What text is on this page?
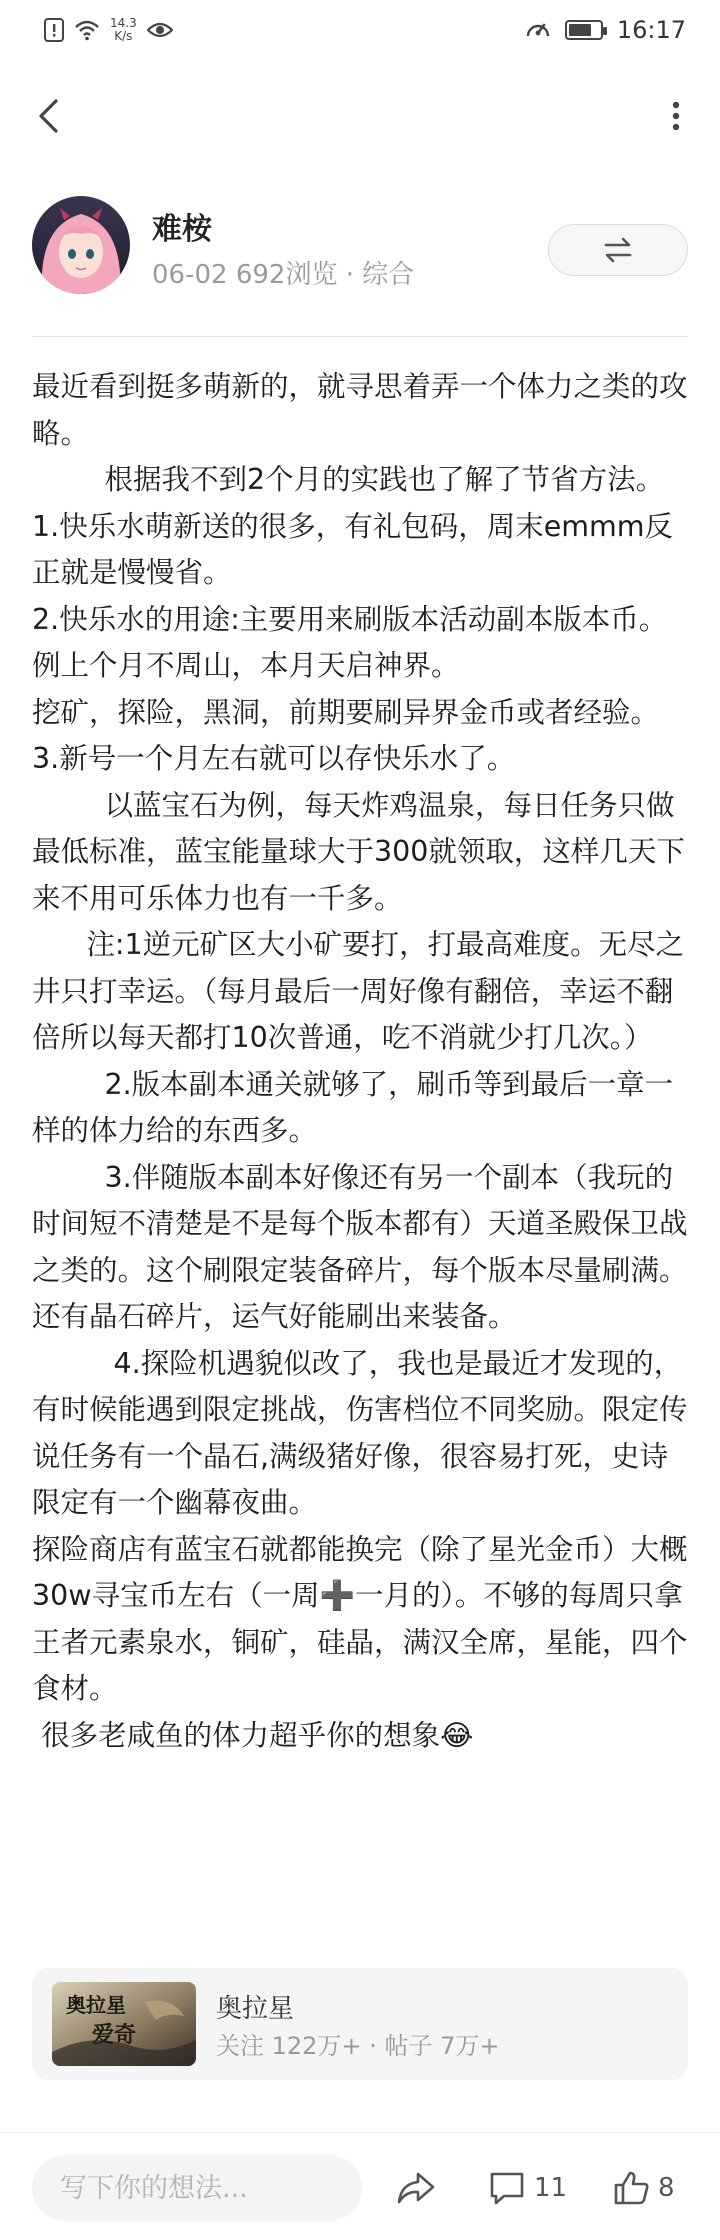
14.3
K/s	16:17
难桉
06-02 692浏览 · 综合

最近看到挺多萌新的，就寻思着弄一个体力之类的攻略。

根据我不到2个月的实践也了解了节省方法。

1.快乐水萌新送的很多，有礼包码，周末emmm反正就是慢慢省。

2.快乐水的用途:主要用来刷版本活动副本版本币。例上个月不周山，本月天启神界。

挖矿，探险，黑洞，前期要刷异界金币或者经验。

3.新号一个月左右就可以存快乐水了。

以蓝宝石为例，每天炸鸡温泉，每日任务只做最低标准，蓝宝能量球大于300就领取，这样几天下来不用可乐体力也有一千多。

注:1逆元矿区大小矿要打，打最高难度。无尽之井只打幸运。（每月最后一周好像有翻倍，幸运不翻倍所以每天都打10次普通，吃不消就少打几次。）

2.版本副本通关就够了，刷币等到最后一章一样的体力给的东西多。

3.伴随版本副本好像还有另一个副本（我玩的时间短不清楚是不是每个版本都有）天道圣殿保卫战之类的。这个刷限定装备碎片，每个版本尽量刷满。还有晶石碎片，运气好能刷出来装备。

4.探险机遇貌似改了，我也是最近才发现的，有时候能遇到限定挑战，伤害档位不同奖励。限定传说任务有一个晶石,满级猪好像，很容易打死，史诗限定有一个幽幕夜曲。

探险商店有蓝宝石就都能换完（除了星光金币）大概30w寻宝币左右（一周➕一月的）。不够的每周只拿王者元素泉水，铜矿，硅晶，满汉全席，星能，四个食材。

很多老咸鱼的体力超乎你的想象😂

奥拉星
爱奇
奥拉星
关注 122万+ · 帖子 7万+
写下你的想法...
11	8
